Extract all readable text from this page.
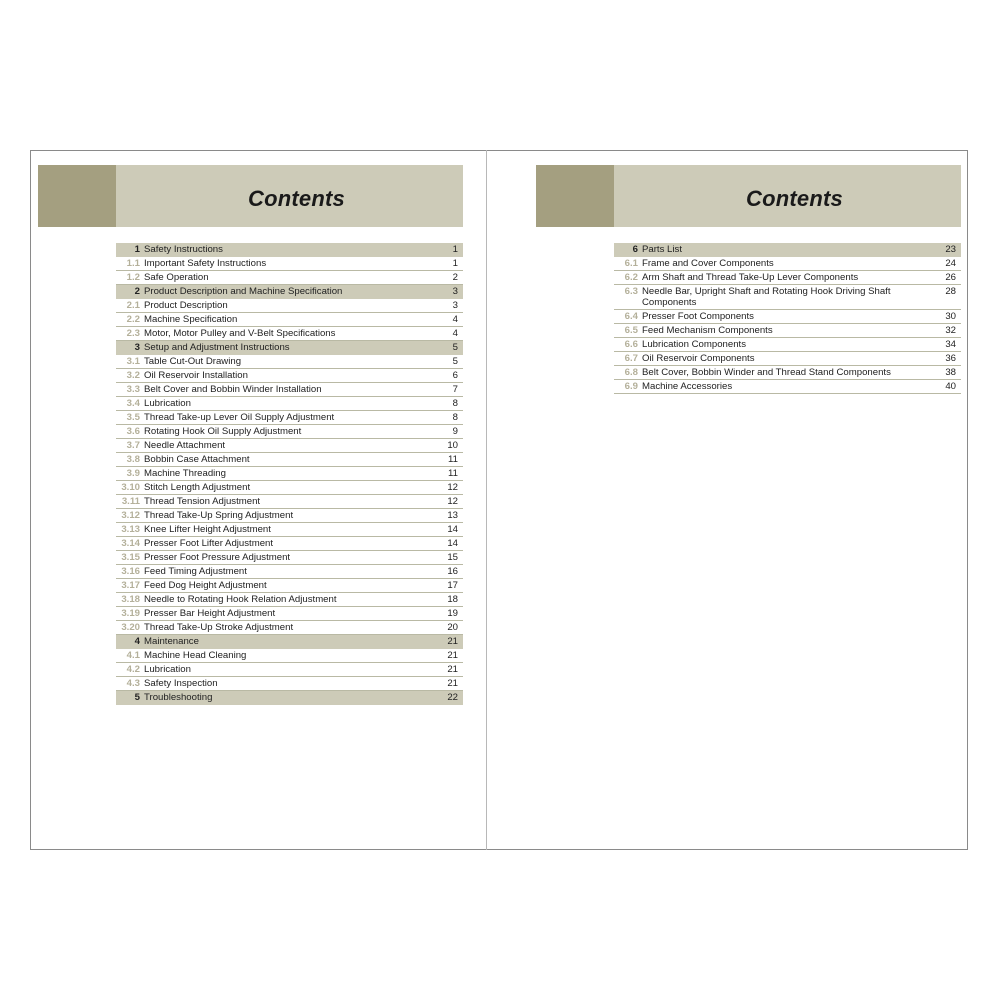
Contents
1 Safety Instructions	1
1.1 Important Safety Instructions	1
1.2 Safe Operation	2
2 Product Description and Machine Specification	3
2.1 Product Description	3
2.2 Machine Specification	4
2.3 Motor, Motor Pulley and V-Belt Specifications	4
3 Setup and Adjustment Instructions	5
3.1 Table Cut-Out Drawing	5
3.2 Oil Reservoir Installation	6
3.3 Belt Cover and Bobbin Winder Installation	7
3.4 Lubrication	8
3.5 Thread Take-up Lever Oil Supply Adjustment	8
3.6 Rotating Hook Oil Supply Adjustment	9
3.7 Needle Attachment	10
3.8 Bobbin Case Attachment	11
3.9 Machine Threading	11
3.10 Stitch Length Adjustment	12
3.11 Thread Tension Adjustment	12
3.12 Thread Take-Up Spring Adjustment	13
3.13 Knee Lifter Height Adjustment	14
3.14 Presser Foot Lifter Adjustment	14
3.15 Presser Foot Pressure Adjustment	15
3.16 Feed Timing Adjustment	16
3.17 Feed Dog Height Adjustment	17
3.18 Needle to Rotating Hook Relation Adjustment	18
3.19 Presser Bar Height Adjustment	19
3.20 Thread Take-Up Stroke Adjustment	20
4 Maintenance	21
4.1 Machine Head Cleaning	21
4.2 Lubrication	21
4.3 Safety Inspection	21
5 Troubleshooting	22
Contents
6 Parts List	23
6.1 Frame and Cover Components	24
6.2 Arm Shaft and Thread Take-Up Lever Components	26
6.3 Needle Bar, Upright Shaft and Rotating Hook Driving Shaft Components
28
6.4 Presser Foot Components	30
6.5 Feed Mechanism Components	32
6.6 Lubrication Components	34
6.7 Oil Reservoir Components	36
6.8 Belt Cover, Bobbin Winder and Thread Stand Components	38
6.9 Machine Accessories	40
